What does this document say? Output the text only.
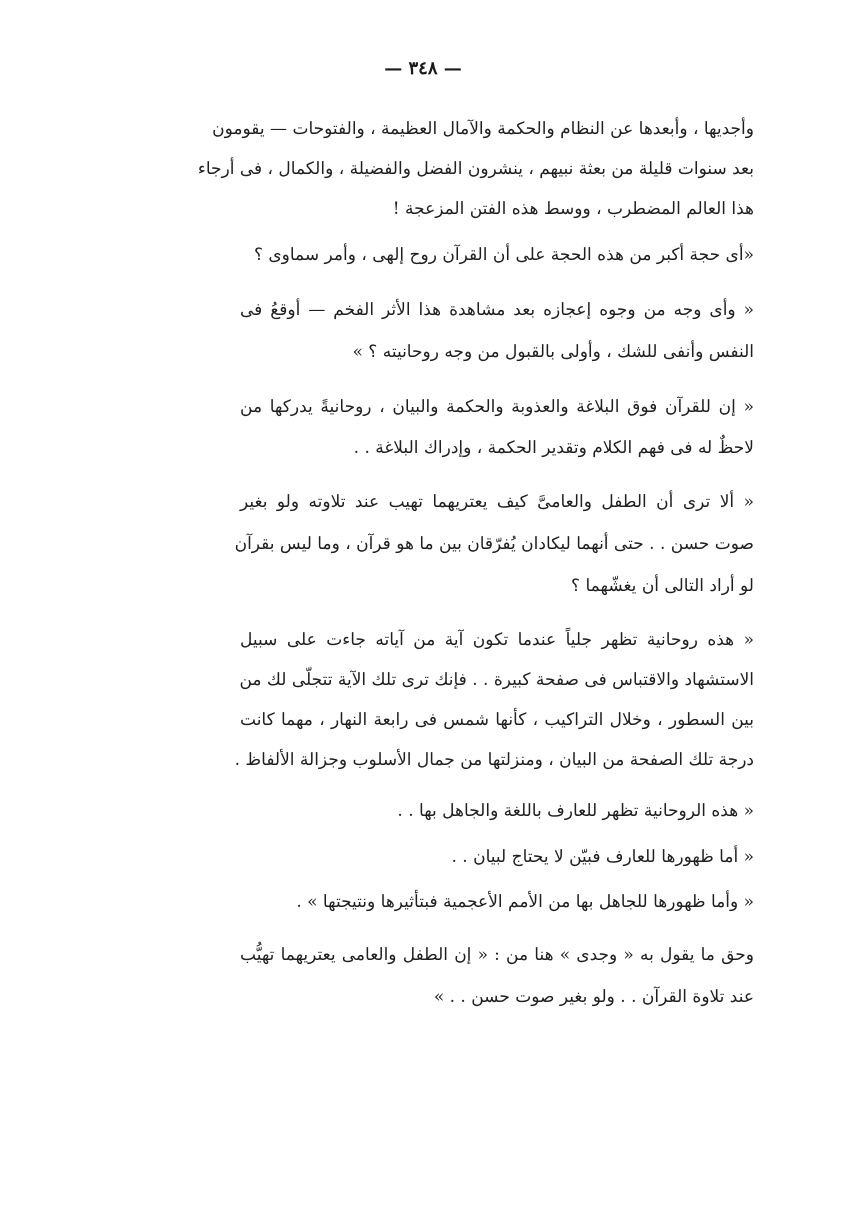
— ٣٤٨ —
وأجديها ، وأبعدها عن النظام والحكمة والآمال العظيمة ، والفتوحات — يقومون
بعد سنوات قليلة من بعثة نبيهم ، ينشرون الفضل والفضيلة ، والكمال ، فى أرجاء
هذا العالم المضطرب ، ووسط هذه الفتن المزعجة !
«أى حجة أكبر من هذه الحجة على أن القرآن روح إلهى ، وأمر سماوى ؟
« وأى وجه من وجوه إعجازه بعد مشاهدة هذا الأثر الفخم — أوقعُ فى
النفس وأنفى للشك ، وأولى بالقبول من وجه روحانيته ؟ »
« إن للقرآن فوق البلاغة والعذوبة والحكمة والبيان ، روحانيةً يدركها من
لاحظٌ له فى فهم الكلام وتقدير الحكمة ، وإدراك البلاغة . .
« ألا ترى أن الطفل والعامىَّ كيف يعتريهما تهيب عند تلاوته ولو بغير
صوت حسن . . حتى أنهما ليكادان يُفرّقان بين ما هو قرآن ، وما ليس بقرآن
لو أراد التالى أن يغشّهما ؟
« هذه روحانية تظهر جلياً عندما تكون آية من آياته جاءت على سبيل
الاستشهاد والاقتباس فى صفحة كبيرة . . فإنك ترى تلك الآية تتجلّى لك من
بين السطور ، وخلال التراكيب ، كأنها شمس فى رابعة النهار ، مهما كانت
درجة تلك الصفحة من البيان ، ومنزلتها من جمال الأسلوب وجزالة الألفاظ .
« هذه الروحانية تظهر للعارف باللغة والجاهل بها . .
« أما ظهورها للعارف فبيّن لا يحتاج لبيان . .
« وأما ظهورها للجاهل بها من الأمم الأعجمية فبتأثيرها ونتيجتها » .
وحق ما يقول به « وجدى » هنا من : « إن الطفل والعامى يعتريهما تهيُّب
عند تلاوة القرآن . . ولو بغير صوت حسن . . »
